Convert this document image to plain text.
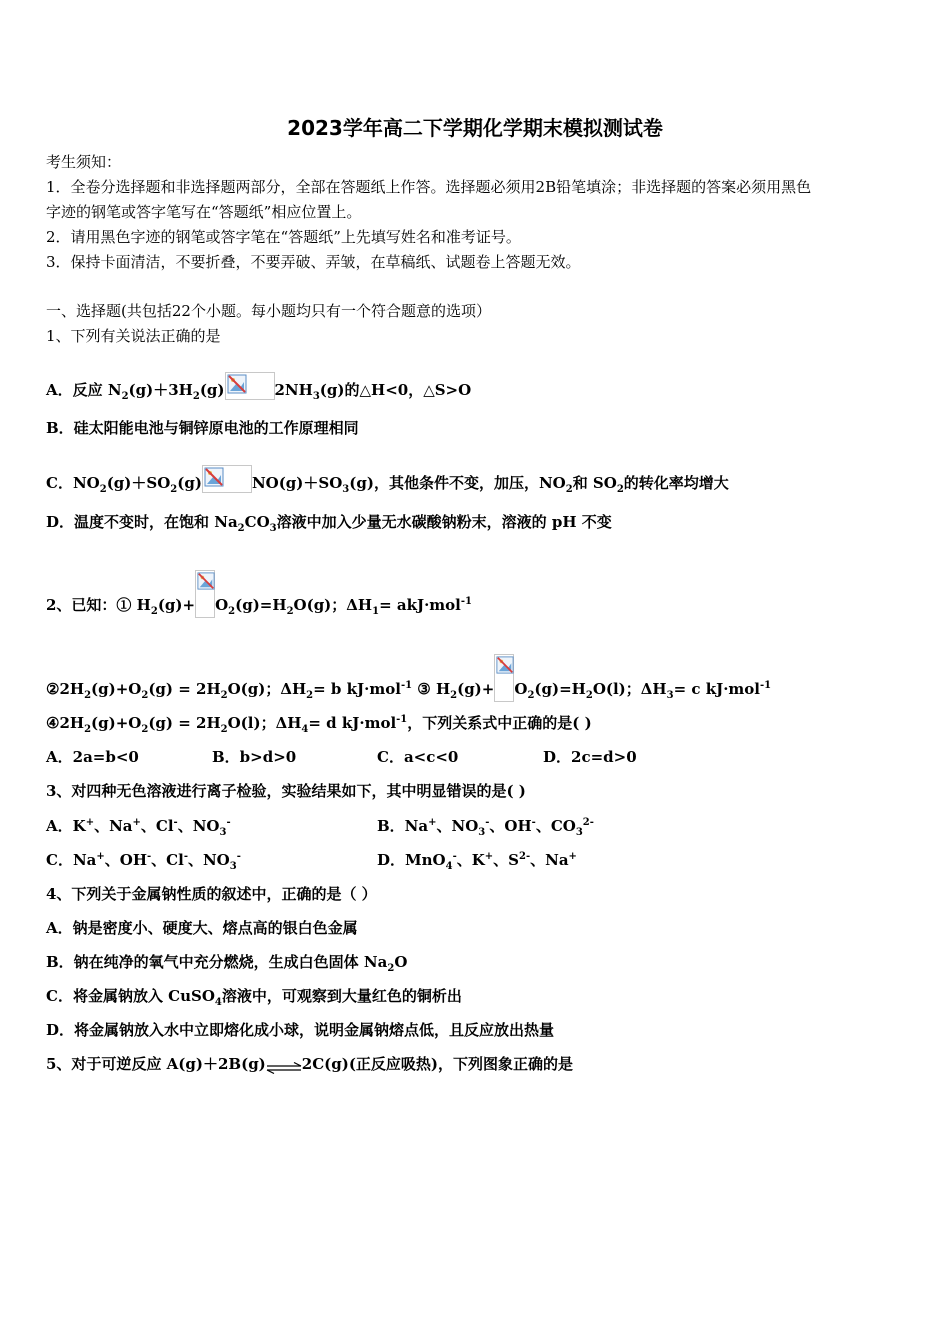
2023学年高二下学期化学期末模拟测试卷
考生须知：
1．全卷分选择题和非选择题两部分，全部在答题纸上作答。选择题必须用2B铅笔填涂；非选择题的答案必须用黑色
字迹的钢笔或答字笔写在“答题纸”相应位置上。
2．请用黑色字迹的钢笔或答字笔在“答题纸”上先填写姓名和准考证号。
3．保持卡面清洁，不要折叠，不要弄破、弄皱，在草稿纸、试题卷上答题无效。
一、选择题(共包括22个小题。每小题均只有一个符合题意的选项）
1、下列有关说法正确的是
A．反应 $N_2(g)+3H_2(g)$	$2NH_3(g)$的△H<0，△S>O
B．硅太阳能电池与铜锌原电池的工作原理相同
C．$NO_2(g)+SO_2(g)$	$NO(g)+SO_3(g)$，其他条件不变，加压，$NO_2$和 $SO_2$的转化率均增大
D．温度不变时，在饱和 $Na_2CO_3$溶液中加入少量无水碳酸钠粉末，溶液的 pH 不变
2、已知：① $H_2(g)+ O_2(g)=H_2O(g)$；$\Delta H_1= akJ\cdot mol^{-1}$
$②2H_2(g)+O_2(g) = 2H_2O(g)$；$\Delta H_2= b$ kJ·mol$^{-1}$ ③ $H_2(g)+ O_2(g)=H_2O(l)$；$\Delta H_3= c$ kJ·mol$^{-1}$
$④2H_2(g)+O_2(g) = 2H_2O(l)$；$\Delta H_4= d$ kJ·mol$^{-1}$，下列关系式中正确的是( )
A．2a=b<0	B．b>d>0	C．a<c<0	D．2c=d>0
3、对四种无色溶液进行离子检验，实验结果如下，其中明显错误的是( )
A．K+、Na+、Cl-、$NO_3^-$	B．Na+、$NO_3^-$、OH-、$CO_3^{2-}$
C．Na+、OH-、Cl-、$NO_3^-$	D．MnO$_4$-、K+、$S^{2-}$、Na+
4、下列关于金属钠性质的叙述中，正确的是（ ）
A．钠是密度小、硬度大、熔点高的银白色金属
B．钠在纯净的氧气中充分燃烧，生成白色固体 $Na_2O$
C．将金属钠放入 CuSO$_4$溶液中，可观察到大量红色的铜析出
D．将金属钠放入水中立即熔化成小球，说明金属钠熔点低，且反应放出热量
5、对于可逆反应 A(g)＋2B(g)⇌2C(g)(正反应吸热)，下列图象正确的是
